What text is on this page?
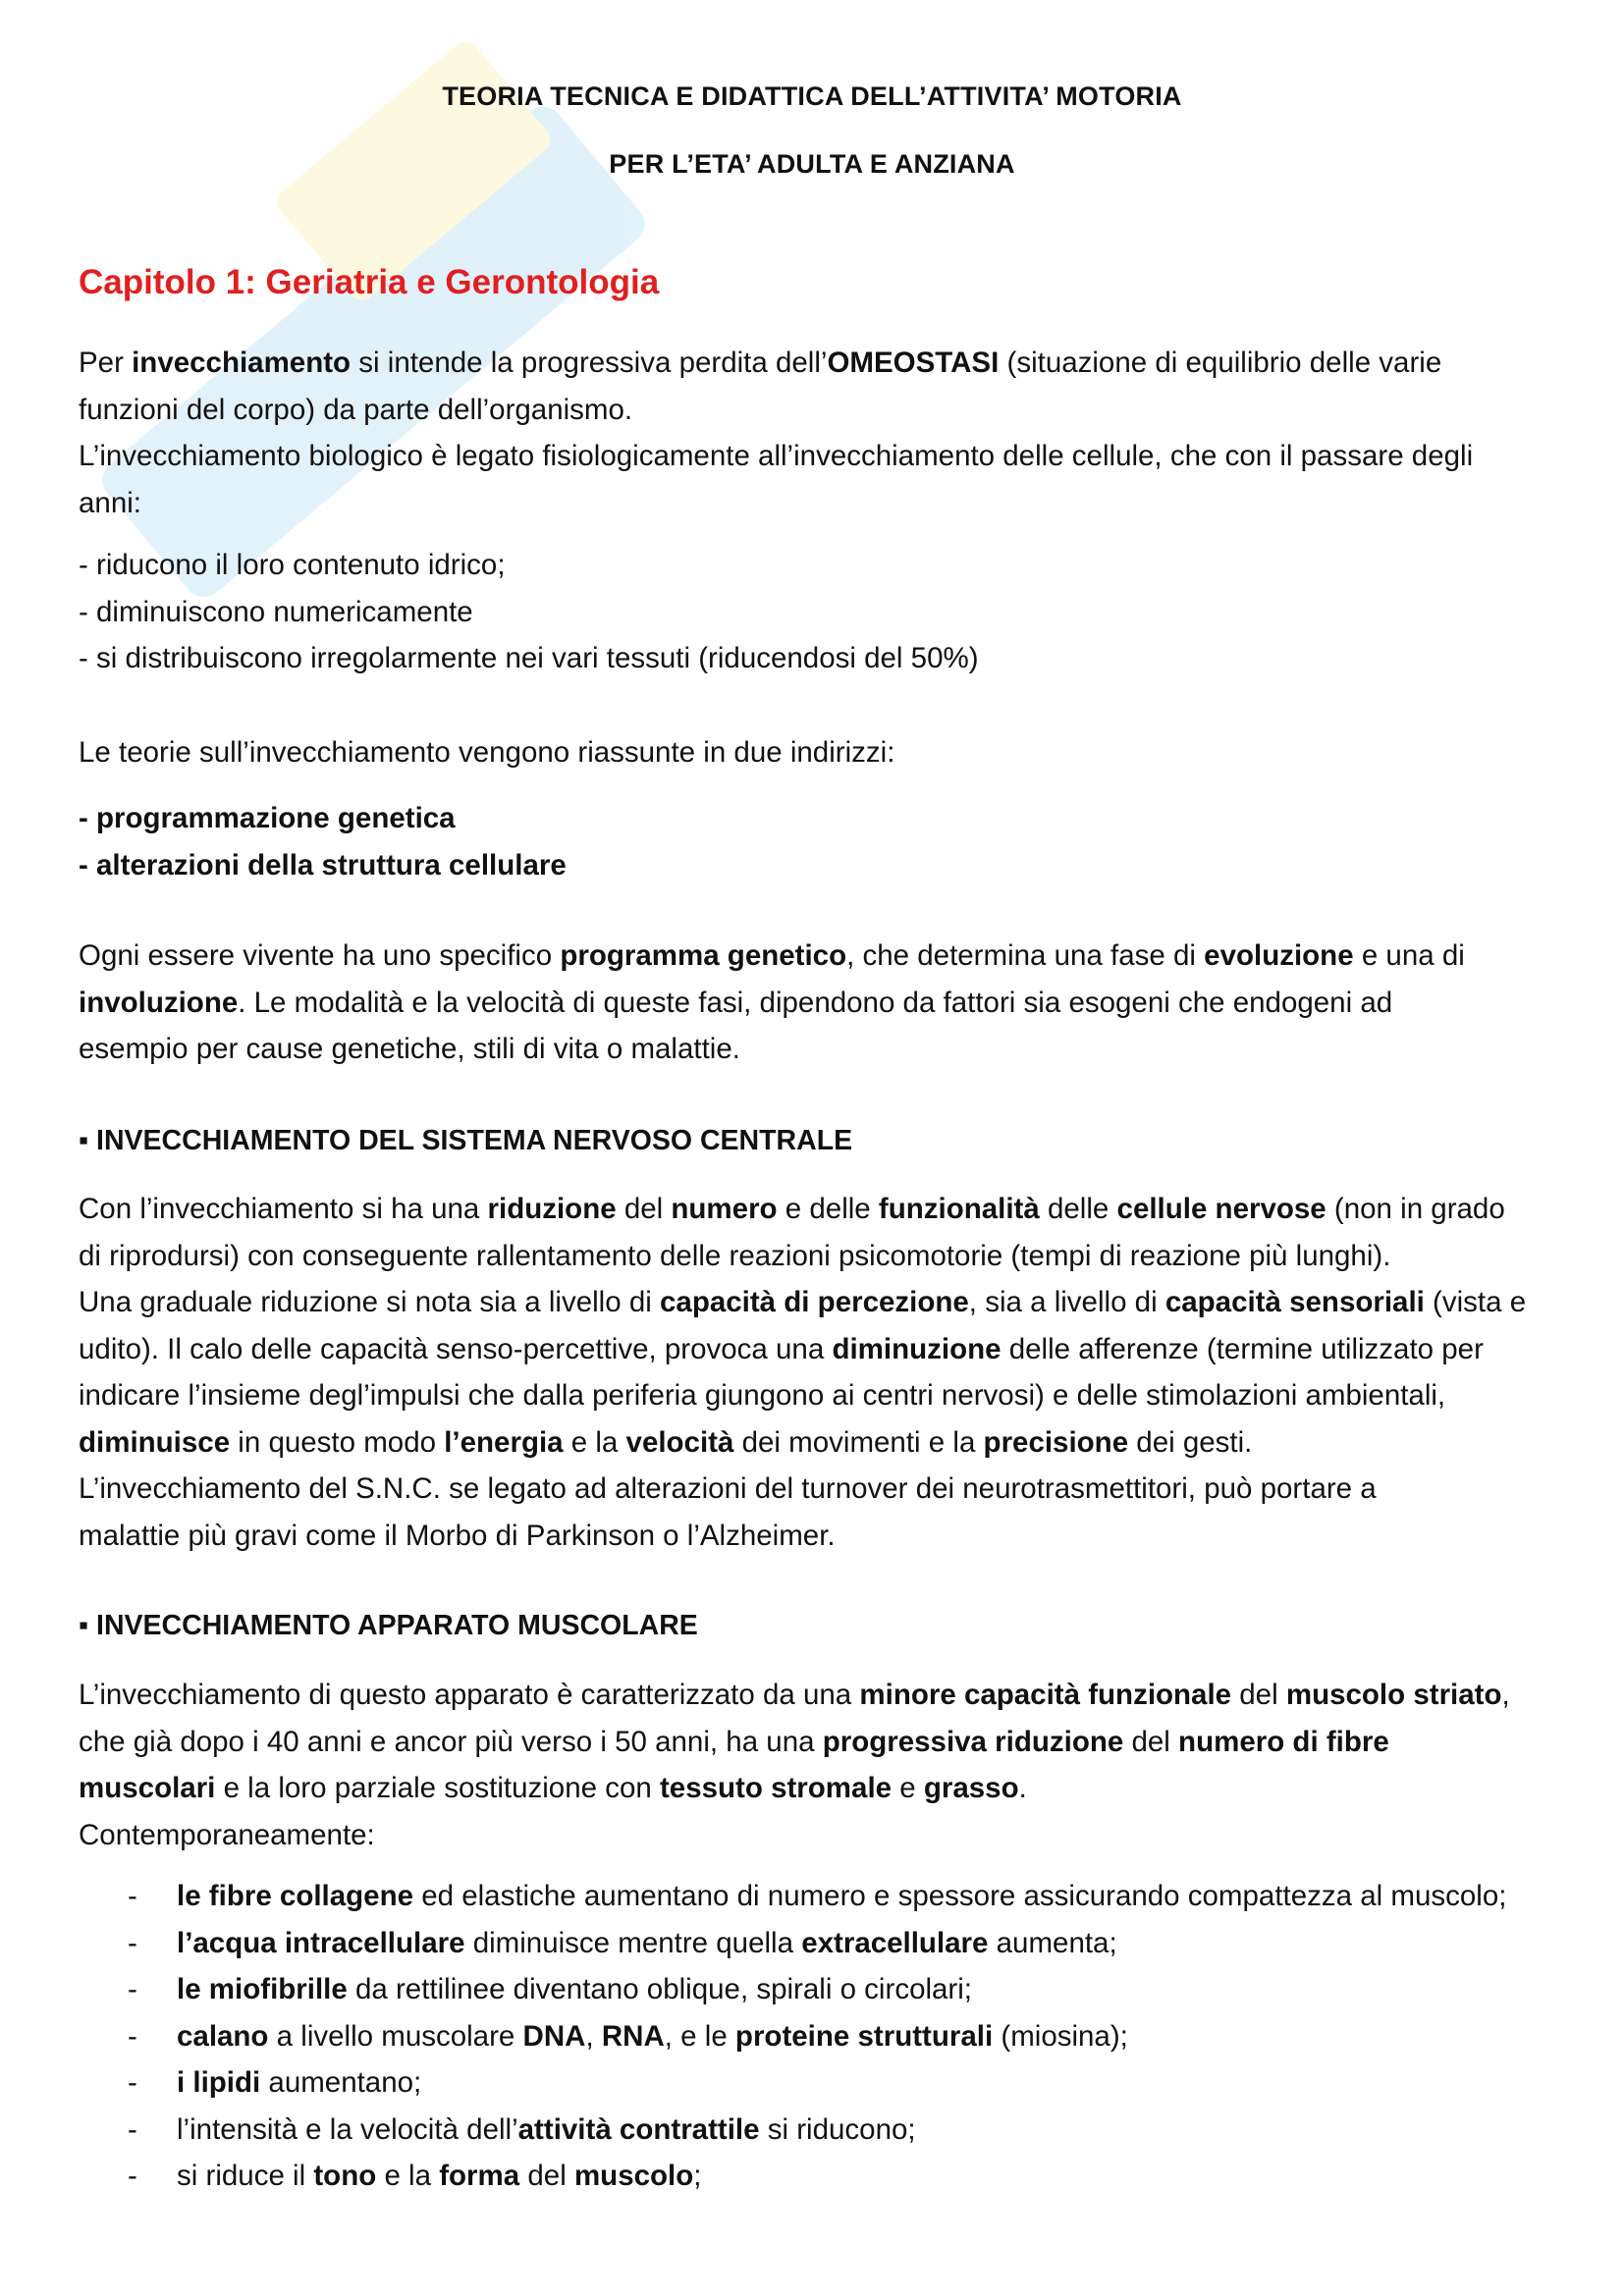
TEORIA TECNICA E DIDATTICA DELL’ATTIVITA’ MOTORIA
PER L’ETA’ ADULTA E ANZIANA
Capitolo 1: Geriatria e Gerontologia

Per invecchiamento si intende la progressiva perdita dell’OMEOSTASI (situazione di equilibrio delle varie

funzioni del corpo) da parte dell’organismo.

L’invecchiamento biologico è legato fisiologicamente all’invecchiamento delle cellule, che con il passare degli

anni:

- riducono il loro contenuto idrico;

- diminuiscono numericamente

- si distribuiscono irregolarmente nei vari tessuti (riducendosi del 50%)

Le teorie sull’invecchiamento vengono riassunte in due indirizzi:

- programmazione genetica

- alterazioni della struttura cellulare

Ogni essere vivente ha uno specifico programma genetico, che determina una fase di evoluzione e una di

involuzione. Le modalità e la velocità di queste fasi, dipendono da fattori sia esogeni che endogeni ad

esempio per cause genetiche, stili di vita o malattie.

▪ INVECCHIAMENTO DEL SISTEMA NERVOSO CENTRALE

Con l’invecchiamento si ha una riduzione del numero e delle funzionalità delle cellule nervose (non in grado

di riprodursi) con conseguente rallentamento delle reazioni psicomotorie (tempi di reazione più lunghi).

Una graduale riduzione si nota sia a livello di capacità di percezione, sia a livello di capacità sensoriali (vista e

udito). Il calo delle capacità senso-percettive, provoca una diminuzione delle afferenze (termine utilizzato per

indicare l’insieme degl’impulsi che dalla periferia giungono ai centri nervosi) e delle stimolazioni ambientali,

diminuisce in questo modo l’energia e la velocità dei movimenti e la precisione dei gesti.

L’invecchiamento del S.N.C. se legato ad alterazioni del turnover dei neurotrasmettitori, può portare a

malattie più gravi come il Morbo di Parkinson o l’Alzheimer.

▪ INVECCHIAMENTO APPARATO MUSCOLARE

L’invecchiamento di questo apparato è caratterizzato da una minore capacità funzionale del muscolo striato,

che già dopo i 40 anni e ancor più verso i 50 anni, ha una progressiva riduzione del numero di fibre

muscolari e la loro parziale sostituzione con tessuto stromale e grasso.

Contemporaneamente:

- le fibre collagene ed elastiche aumentano di numero e spessore assicurando compattezza al muscolo;
- l’acqua intracellulare diminuisce mentre quella extracellulare aumenta;
- le miofibrille da rettilinee diventano oblique, spirali o circolari;
- calano a livello muscolare DNA, RNA, e le proteine strutturali (miosina);
- i lipidi aumentano;
- l’intensità e la velocità dell’attività contrattile si riducono;
- si riduce il tono e la forma del muscolo;
